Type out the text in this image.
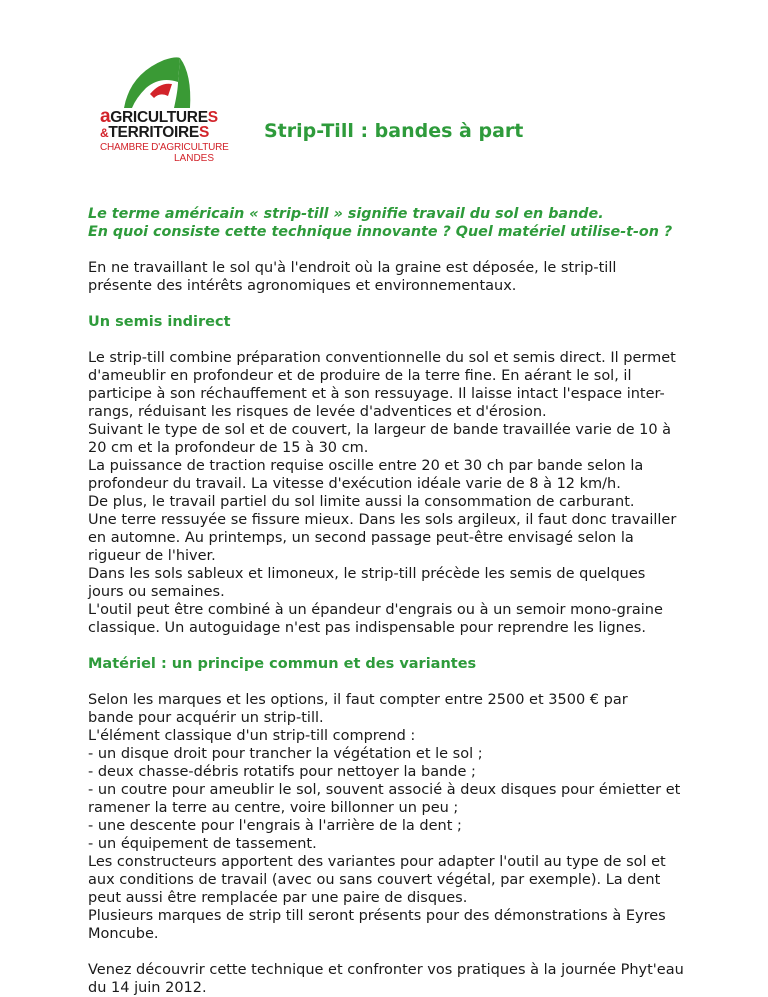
aGRICULTURES
&TERRITOIRES
CHAMBRE D'AGRICULTURE
LANDES
Strip-Till : bandes à part
Le terme américain « strip-till » signifie travail du sol en bande.
En quoi consiste cette technique innovante ? Quel matériel utilise-t-on ?
En ne travaillant le sol qu'à l'endroit où la graine est déposée, le strip-till
présente des intérêts agronomiques et environnementaux.
Un semis indirect
Le strip-till combine préparation conventionnelle du sol et semis direct. Il permet
d'ameublir en profondeur et de produire de la terre fine. En aérant le sol, il
participe à son réchauffement et à son ressuyage. Il laisse intact l'espace inter-
rangs, réduisant les risques de levée d'adventices et d'érosion.
Suivant le type de sol et de couvert, la largeur de bande travaillée varie de 10 à
20 cm et la profondeur de 15 à 30 cm.
La puissance de traction requise oscille entre 20 et 30 ch par bande selon la
profondeur du travail. La vitesse d'exécution idéale varie de 8 à 12 km/h.
De plus, le travail partiel du sol limite aussi la consommation de carburant.
Une terre ressuyée se fissure mieux. Dans les sols argileux, il faut donc travailler
en automne. Au printemps, un second passage peut-être envisagé selon la
rigueur de l'hiver.
Dans les sols sableux et limoneux, le strip-till précède les semis de quelques
jours ou semaines.
L'outil peut être combiné à un épandeur d'engrais ou à un semoir mono-graine
classique. Un autoguidage n'est pas indispensable pour reprendre les lignes.
Matériel : un principe commun et des variantes
Selon les marques et les options, il faut compter entre 2500 et 3500 € par
bande pour acquérir un strip-till.
L'élément classique d'un strip-till comprend :
- un disque droit pour trancher la végétation et le sol ;
- deux chasse-débris rotatifs pour nettoyer la bande ;
- un coutre pour ameublir le sol, souvent associé à deux disques pour émietter et
ramener la terre au centre, voire billonner un peu ;
- une descente pour l'engrais à l'arrière de la dent ;
- un équipement de tassement.
Les constructeurs apportent des variantes pour adapter l'outil au type de sol et
aux conditions de travail (avec ou sans couvert végétal, par exemple). La dent
peut aussi être remplacée par une paire de disques.
Plusieurs marques de strip till seront présents pour des démonstrations à Eyres
Moncube.
Venez découvrir cette technique et confronter vos pratiques à la journée Phyt'eau
du 14 juin 2012.
